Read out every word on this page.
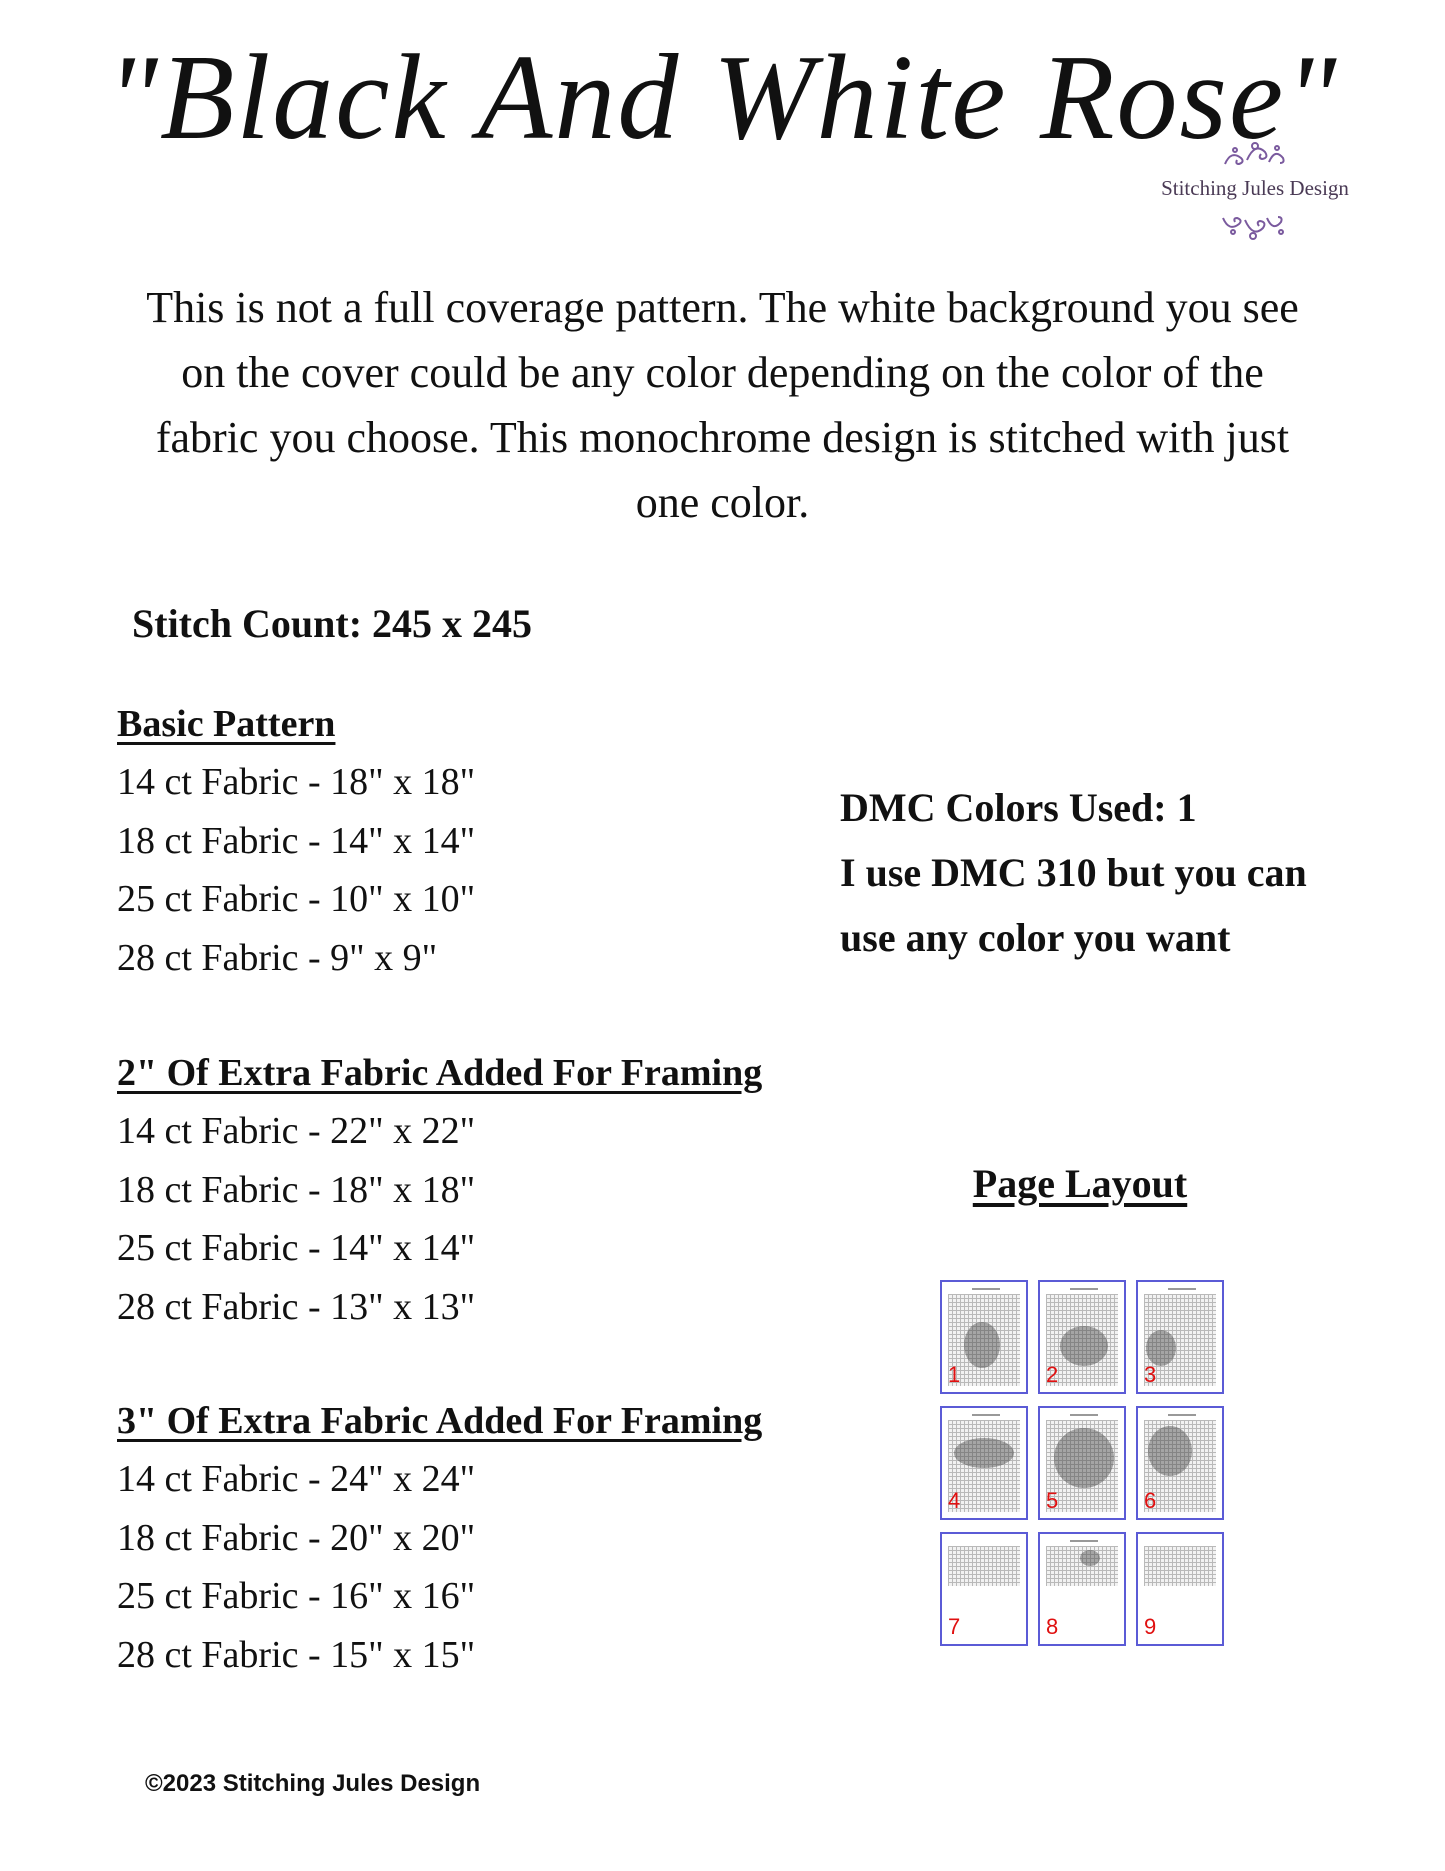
"Black And White Rose"
Stitching Jules Design
This is not a full coverage pattern. The white background you see on the cover could be any color depending on the color of the fabric you choose. This monochrome design is stitched with just one color.
Stitch Count: 245 x 245
Basic Pattern
14 ct Fabric - 18" x 18"
18 ct Fabric - 14" x 14"
25 ct Fabric - 10" x 10"
28 ct Fabric - 9" x 9"
2" Of Extra Fabric Added For Framing
14 ct Fabric - 22" x 22"
18 ct Fabric - 18" x 18"
25 ct Fabric - 14" x 14"
28 ct Fabric - 13" x 13"
3" Of Extra Fabric Added For Framing
14 ct Fabric - 24" x 24"
18 ct Fabric - 20" x 20"
25 ct Fabric - 16" x 16"
28 ct Fabric - 15" x 15"
DMC Colors Used: 1
I use DMC 310 but you can
use any color you want
Page Layout
1	2	3
4	5	6
7	8	9
©2023 Stitching Jules Design
